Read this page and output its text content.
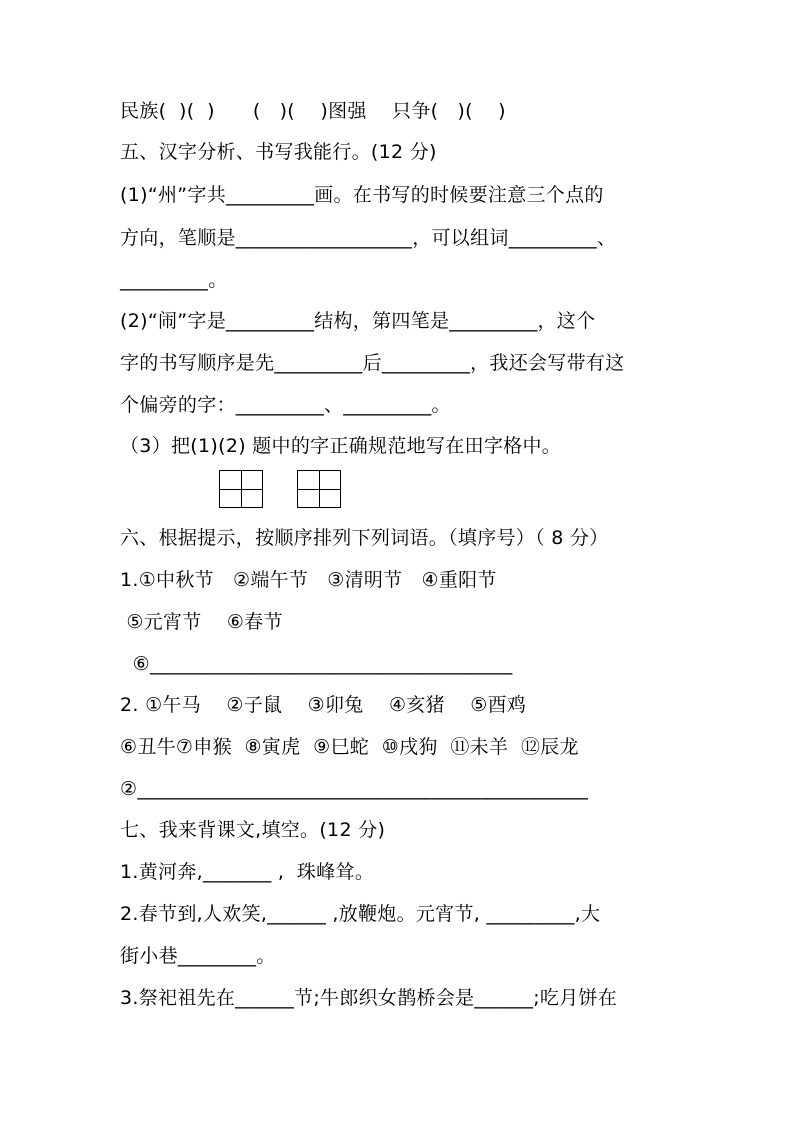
民族(  )(  )      (   )(    )图强    只争(   )(    )
五、汉字分析、书写我能行。(12 分)
(1)“州”字共_________画。在书写的时候要注意三个点的
方向，笔顺是__________________，可以组词_________、
_________。
(2)“闹”字是_________结构，第四笔是_________，这个
字的书写顺序是先_________后_________，我还会写带有这
个偏旁的字：_________、_________。
（3）把(1)(2) 题中的字正确规范地写在田字格中。
六、根据提示，按顺序排列下列词语。（填序号）（ 8 分）
1.①中秋节   ②端午节   ③清明节   ④重阳节
⑤元宵节    ⑥春节
⑥_____________________________________
2. ①午马    ②子鼠    ③卯兔    ④亥猪    ⑤酉鸡
⑥丑牛⑦申猴  ⑧寅虎  ⑨巳蛇  ⑩戌狗  ⑪未羊  ⑫辰龙
②______________________________________________
七、我来背课文,填空。(12 分)
1.黄河奔,_______ ,  珠峰耸。
2.春节到,人欢笑,______ ,放鞭炮。元宵节, _________,大
街小巷________。
3.祭祀祖先在______节;牛郎织女鹊桥会是______;吃月饼在
